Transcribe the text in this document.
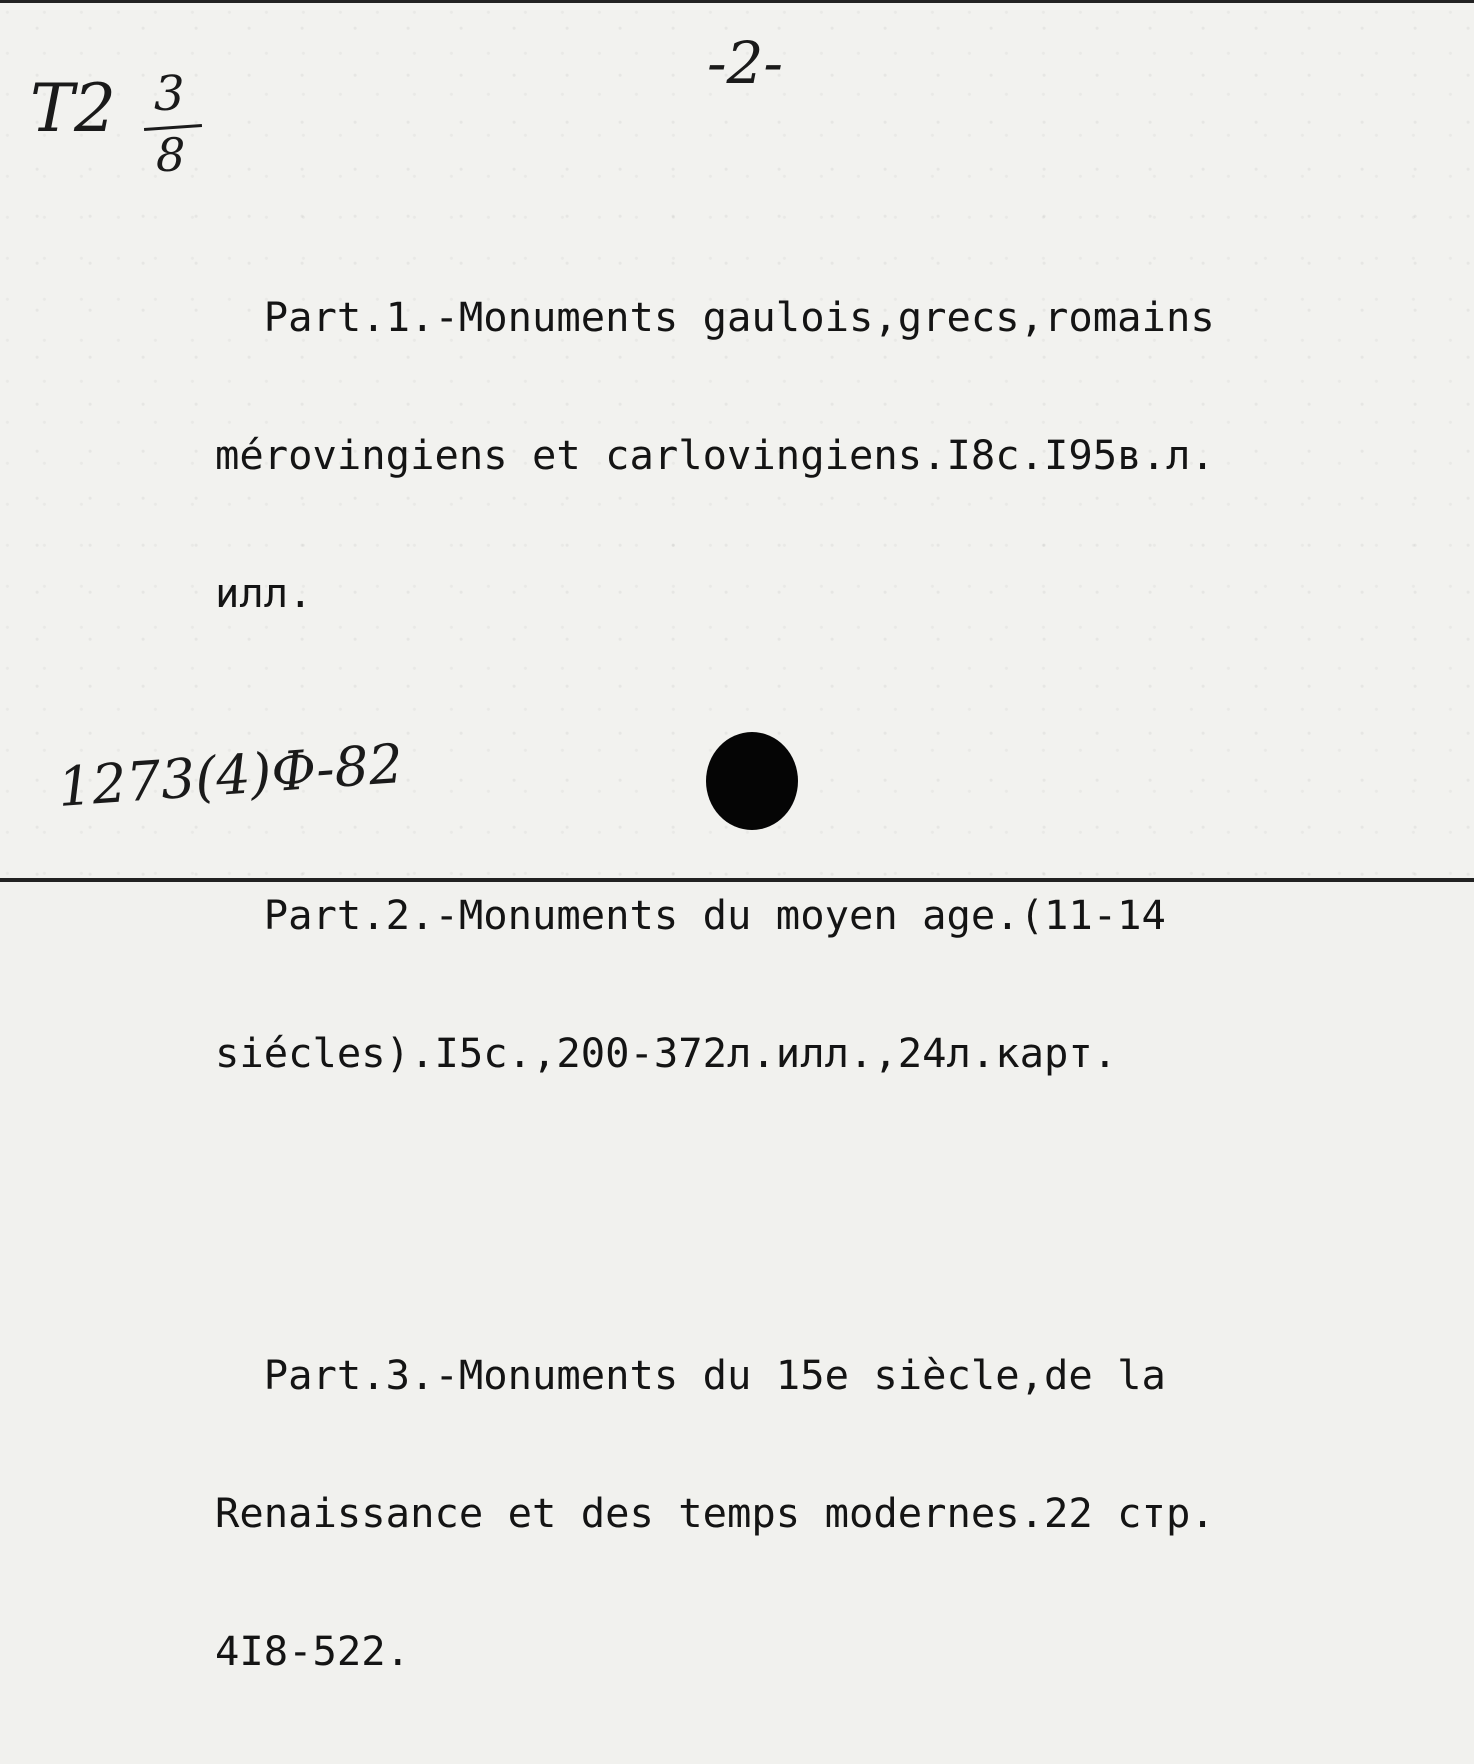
-2-
T2 3
8

Part.1.-Monuments gaulois,grecs,romains

mérovingiens et carlovingiens.I8c.I95в.л.

илл.

Part.2.-Monuments du moyen age.(11-14

siécles).I5c.,200-372л.илл.,24л.карт.

Part.3.-Monuments du 15e siècle,de la

Renaissance et des temps modernes.22 стр.

4I8-522.

1273(4)Ф-82
